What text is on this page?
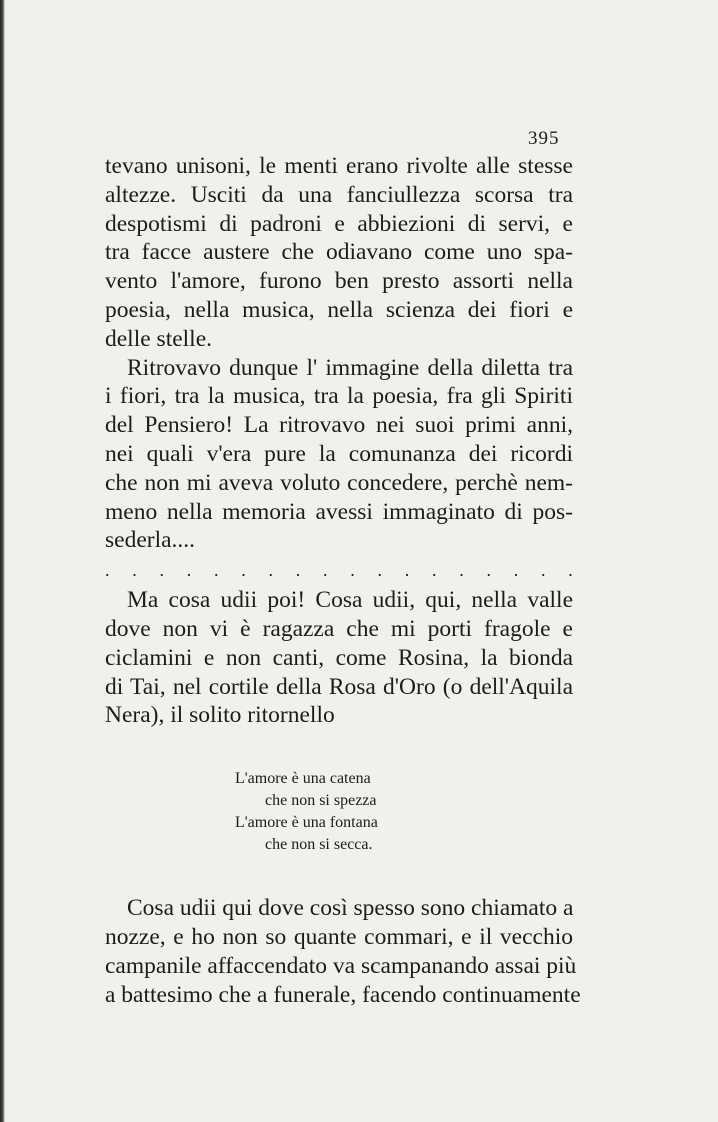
395
tevano unisoni, le menti erano rivolte alle stesse
altezze. Usciti da una fanciullezza scorsa tra
despotismi di padroni e abbiezioni di servi, e
tra facce austere che odiavano come uno spa-
vento l'amore, furono ben presto assorti nella
poesia, nella musica, nella scienza dei fiori e
delle stelle.
Ritrovavo dunque l' immagine della diletta tra
i fiori, tra la musica, tra la poesia, fra gli Spiriti
del Pensiero! La ritrovavo nei suoi primi anni,
nei quali v'era pure la comunanza dei ricordi
che non mi aveva voluto concedere, perchè nem-
meno nella memoria avessi immaginato di pos-
sederla....
. . . . . . . . . . . . . . . . . .
Ma cosa udii poi! Cosa udii, qui, nella valle
dove non vi è ragazza che mi porti fragole e
ciclamini e non canti, come Rosina, la bionda
di Tai, nel cortile della Rosa d'Oro (o dell'Aquila
Nera), il solito ritornello
L'amore è una catena
che non si spezza
L'amore è una fontana
che non si secca.
Cosa udii qui dove così spesso sono chiamato a
nozze, e ho non so quante commari, e il vecchio
campanile affaccendato va scampanando assai più
a battesimo che a funerale, facendo continuamente
